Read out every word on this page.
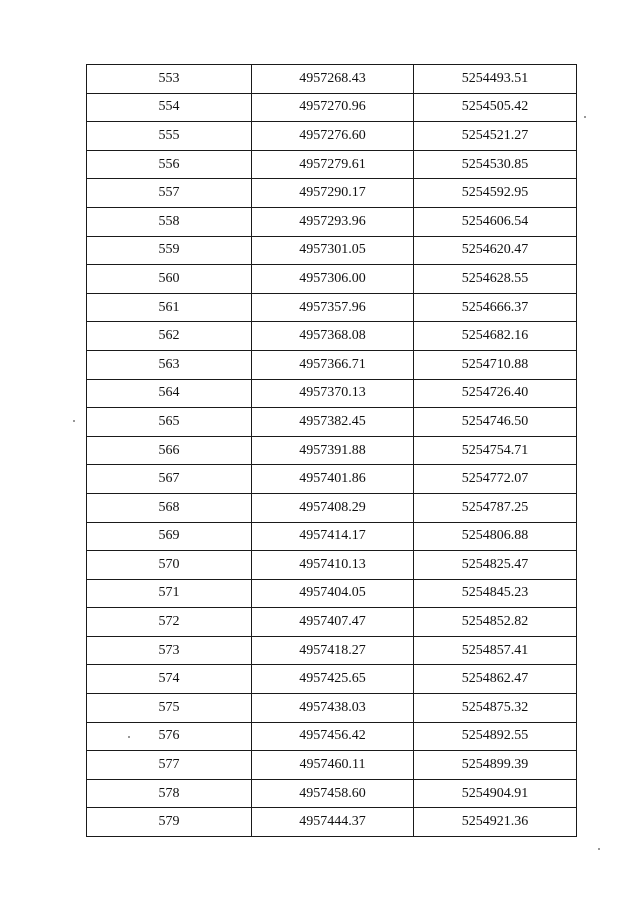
553	4957268.43	5254493.51
554	4957270.96	5254505.42
555	4957276.60	5254521.27
556	4957279.61	5254530.85
557	4957290.17	5254592.95
558	4957293.96	5254606.54
559	4957301.05	5254620.47
560	4957306.00	5254628.55
561	4957357.96	5254666.37
562	4957368.08	5254682.16
563	4957366.71	5254710.88
564	4957370.13	5254726.40
565	4957382.45	5254746.50
566	4957391.88	5254754.71
567	4957401.86	5254772.07
568	4957408.29	5254787.25
569	4957414.17	5254806.88
570	4957410.13	5254825.47
571	4957404.05	5254845.23
572	4957407.47	5254852.82
573	4957418.27	5254857.41
574	4957425.65	5254862.47
575	4957438.03	5254875.32
576	4957456.42	5254892.55
577	4957460.11	5254899.39
578	4957458.60	5254904.91
579	4957444.37	5254921.36
